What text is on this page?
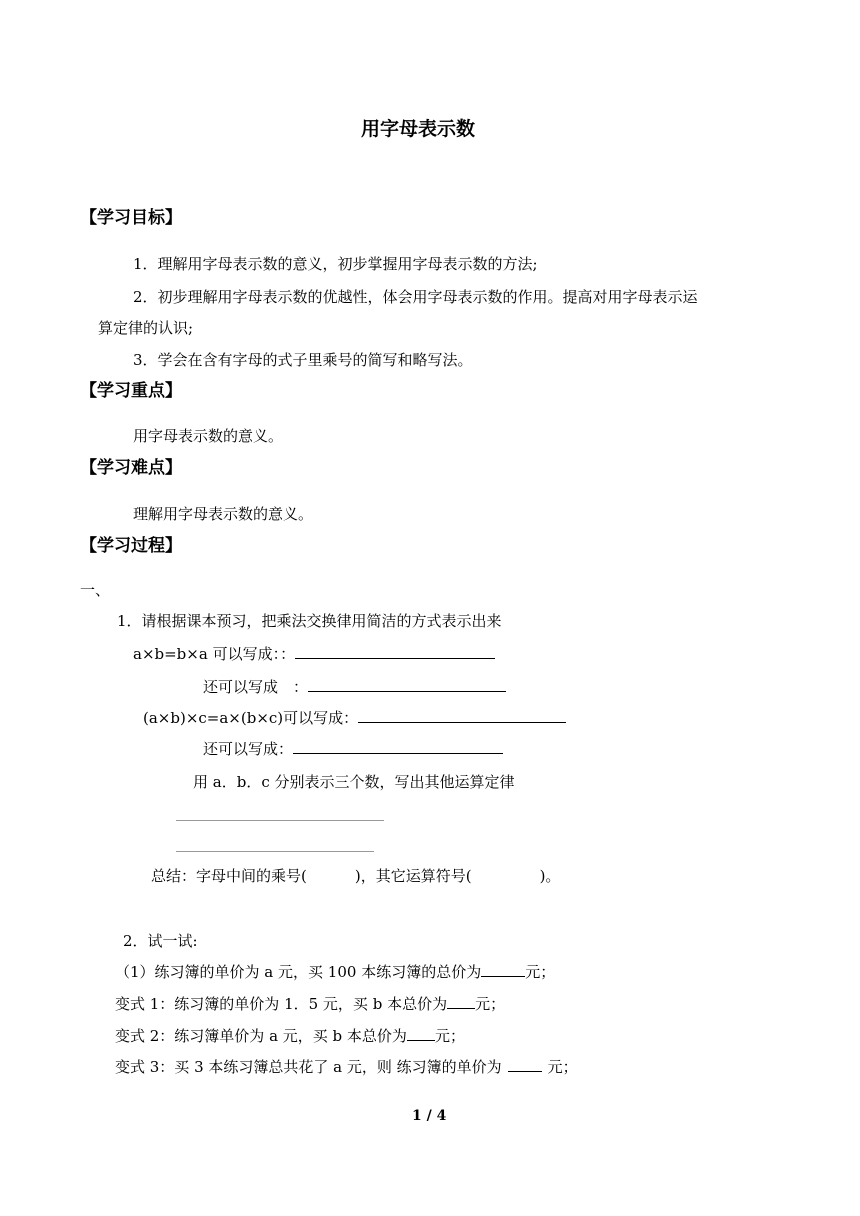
用字母表示数
【学习目标】
1．理解用字母表示数的意义，初步掌握用字母表示数的方法;
2．初步理解用字母表示数的优越性，体会用字母表示数的作用。提高对用字母表示运
算定律的认识;
3．学会在含有字母的式子里乘号的简写和略写法。
【学习重点】
用字母表示数的意义。
【学习难点】
理解用字母表示数的意义。
【学习过程】
一、
1．请根据课本预习，把乘法交换律用简洁的方式表示出来
a×b=b×a 可以写成：：
还可以写成　：
(a×b)×c=a×(b×c)可以写成：
还可以写成：
用 a．b．c 分别表示三个数，写出其他运算定律
总结：字母中间的乘号(	)，其它运算符号(	)。
2．试一试:
（1）练习簿的单价为 a 元，买 100 本练习簿的总价为	元；
变式 1：练习簿的单价为 1．5 元，买 b 本总价为 元；
变式 2：练习簿单价为 a 元，买 b 本总价为 元；
变式 3：买 3 本练习簿总共花了 a 元，则 练习簿的单价为	元；
1 / 4
